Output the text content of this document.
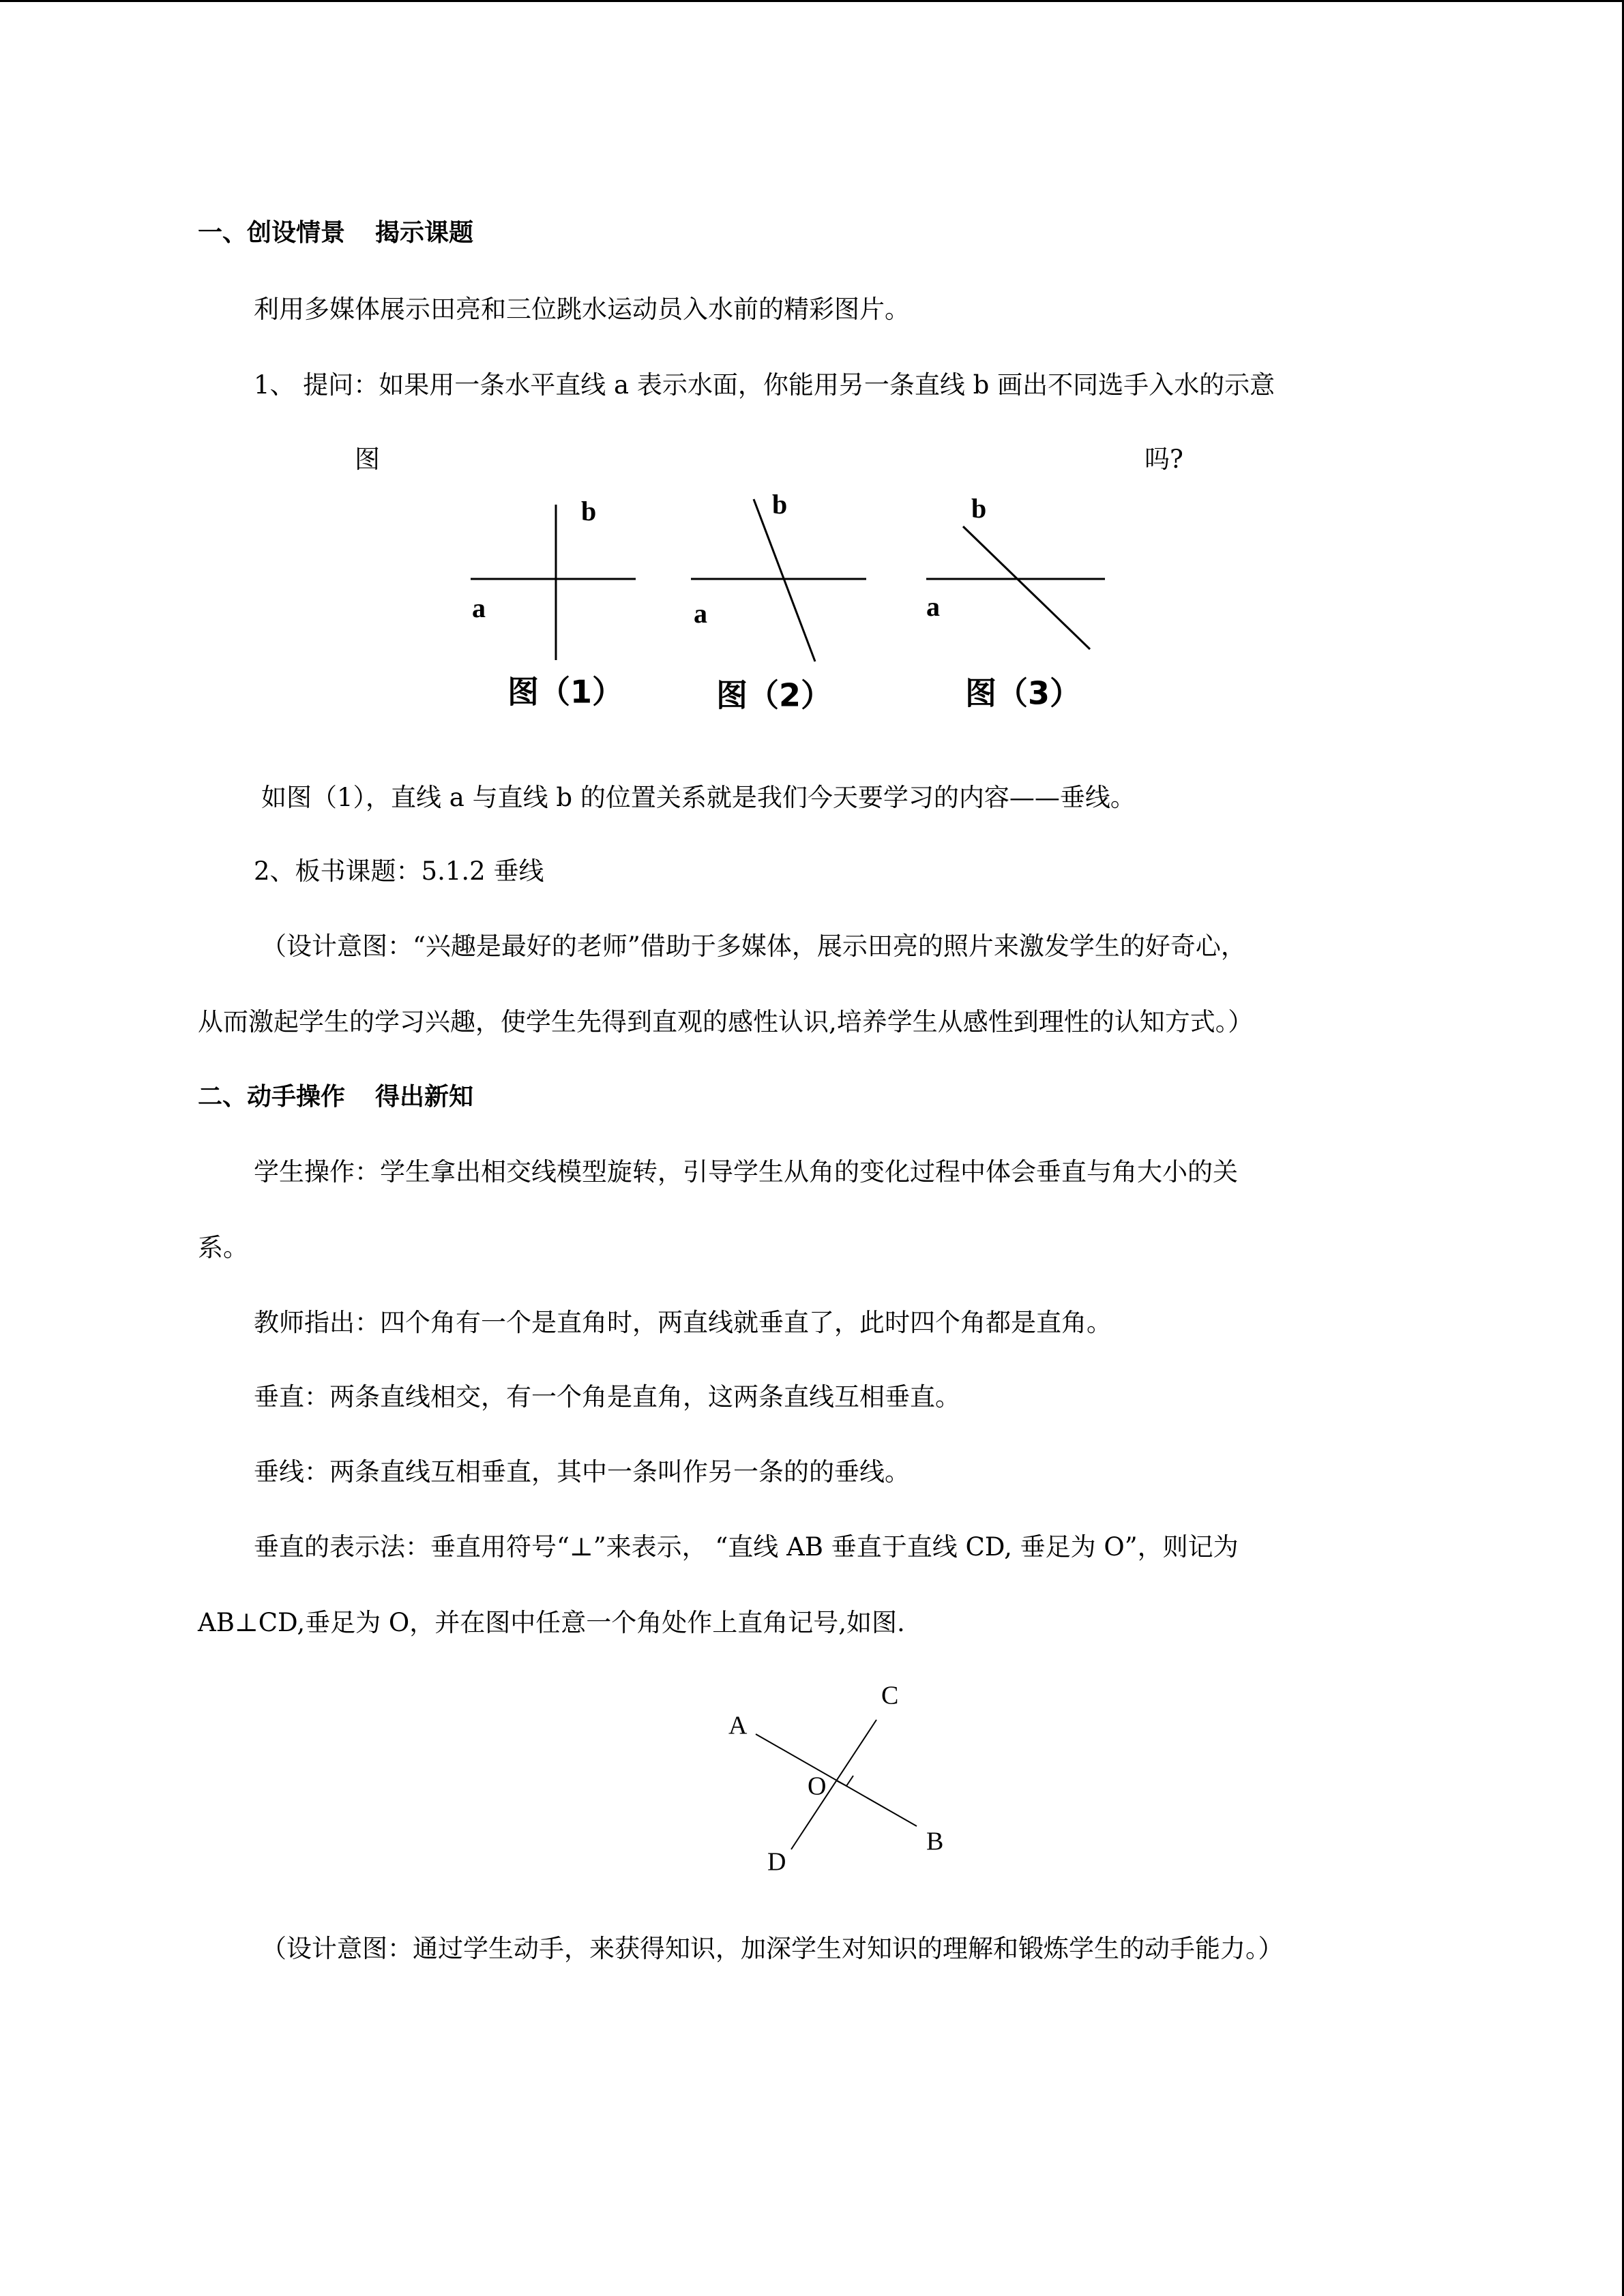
一、创设情景 揭示课题
利用多媒体展示田亮和三位跳水运动员入水前的精彩图片。
1、 提问：如果用一条水平直线 a 表示水面，你能用另一条直线 b 画出不同选手入水的示意
图	吗?
b
a
图（1）
b
a
图（2）
b
a
图（3）
如图（1），直线 a 与直线 b 的位置关系就是我们今天要学习的内容——垂线。
2、板书课题：5.1.2 垂线
（设计意图：“兴趣是最好的老师”借助于多媒体，展示田亮的照片来激发学生的好奇心，
从而激起学生的学习兴趣，使学生先得到直观的感性认识,培养学生从感性到理性的认知方式。）
二、动手操作 得出新知
学生操作：学生拿出相交线模型旋转，引导学生从角的变化过程中体会垂直与角大小的关
系。
教师指出：四个角有一个是直角时，两直线就垂直了，此时四个角都是直角。
垂直：两条直线相交，有一个角是直角，这两条直线互相垂直。
垂线：两条直线互相垂直，其中一条叫作另一条的的垂线。
垂直的表示法：垂直用符号“⊥”来表示， “直线 AB 垂直于直线 CD, 垂足为 O”，则记为
AB⊥CD,垂足为 O，并在图中任意一个角处作上直角记号,如图.
A
C
O
B
D
（设计意图：通过学生动手，来获得知识，加深学生对知识的理解和锻炼学生的动手能力。）
